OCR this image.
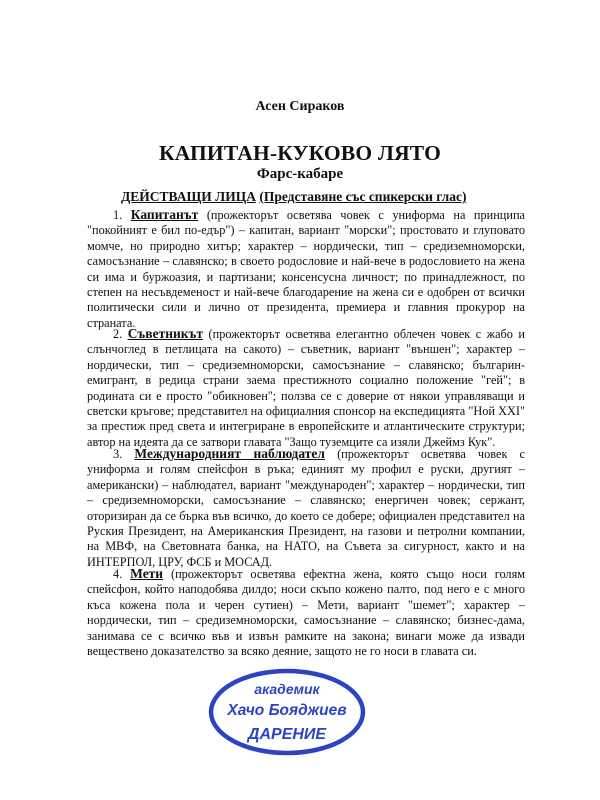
Асен Сираков

КАПИТАН-КУКОВО ЛЯТО

Фарс-кабаре

ДЕЙСТВАЩИ ЛИЦА (Представяне със спикерски глас)

1. Капитанът (прожекторът осветява човек с униформа на принципа "покойният е бил по-едър") – капитан, вариант "морски"; простовато и глуповато момче, но природно хитър; характер – нордически, тип – средиземноморски, самосъзнание – славянско; в своето родословие и най-вече в родословието на жена си има и буржоазия, и партизани; консенсусна личност; по принадлежност, по степен на несъвдеменост и най-вече благодарение на жена си е одобрен от всички политически сили и лично от президента, премиера и главния прокурор на страната.

2. Съветникът (прожекторът осветява елегантно облечен човек с жабо и слънчоглед в петлицата на сакото) – съветник, вариант "външен"; характер – нордически, тип – средиземноморски, самосъзнание – славянско; българин-емигрант, в редица страни заема престижното социално положение "гей"; в родината си е просто "обикновен"; ползва се с доверие от някои управляващи и светски кръгове; представител на официалния спонсор на експедицията "Ной XXI" за престиж пред света и интегриране в европейските и атлантическите структури; автор на идеята да се затвори главата "Защо туземците са изяли Джеймз Кук".

3. Международният наблюдател (прожекторът осветява човек с униформа и голям спейсфон в ръка; единият му профил е руски, другият – американски) – наблюдател, вариант "международен"; характер – нордически, тип – средиземноморски, самосъзнание – славянско; енергичен човек; сержант, оторизиран да се бърка във всичко, до което се добере; официален представител на Руския Президент, на Американския Президент, на газови и петролни компании, на МВФ, на Световната банка, на НАТО, на Съвета за сигурност, както и на ИНТЕРПОЛ, ЦРУ, ФСБ и МОСАД.

4. Мети (прожекторът осветява ефектна жена, която също носи голям спейсфон, който наподобява дилдо; носи скъпо кожено палто, под него е с много къса кожена пола и черен сутиен) – Мети, вариант "шемет"; характер – нордически, тип – средиземноморски, самосъзнание – славянско; бизнес-дама, занимава се с всичко във и извън рамките на закона; винаги може да извади веществено доказателство за всяко деяние, защото не го носи в главата си.

академик
Хачо Бояджиев
ДАРЕНИЕ
